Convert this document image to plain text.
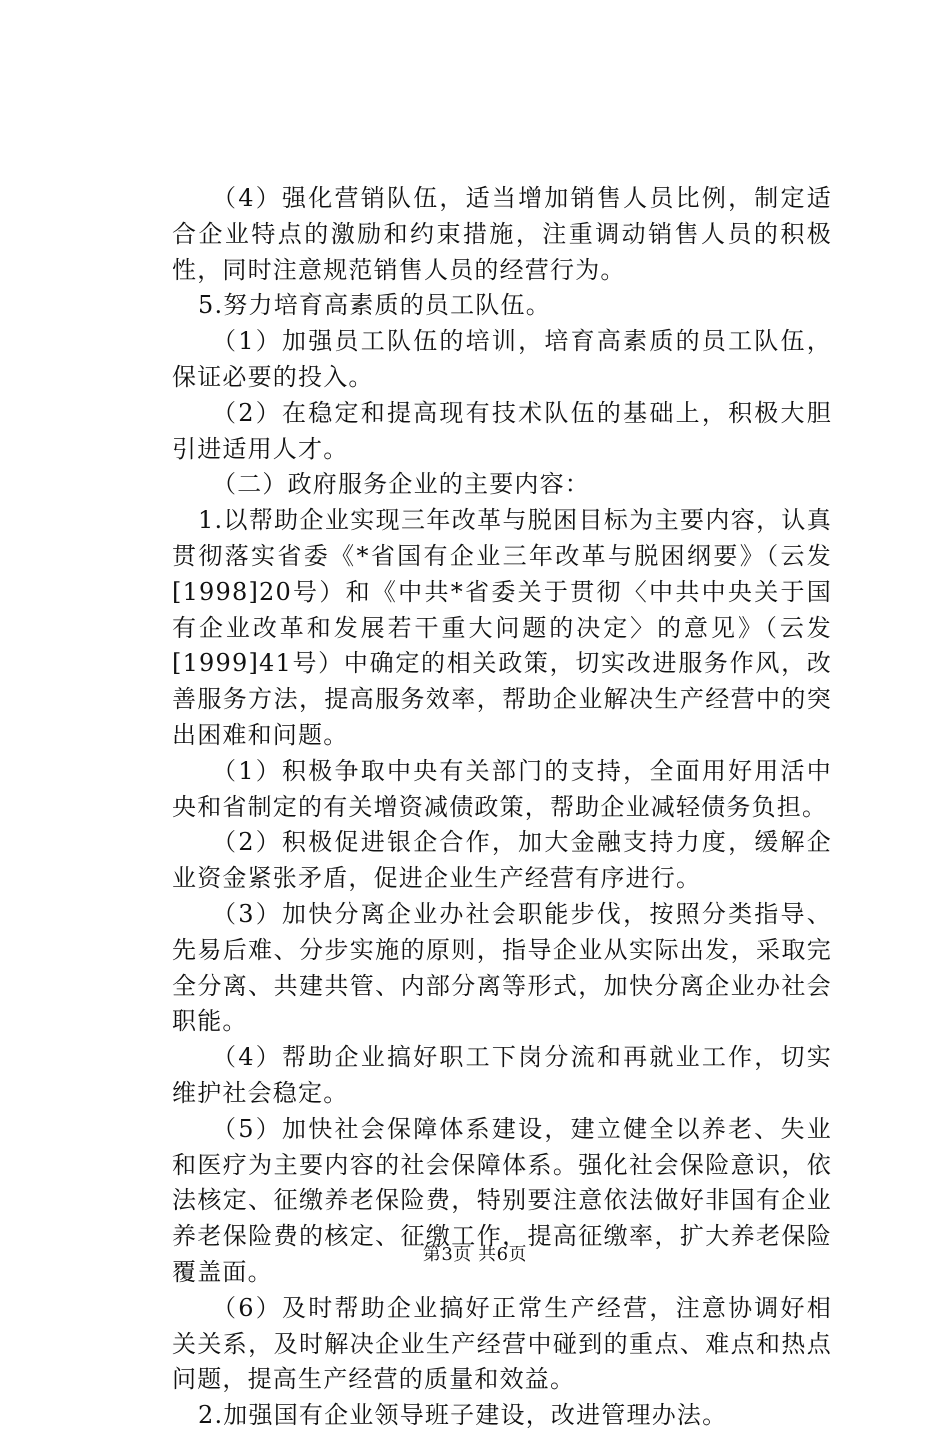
（4）强化营销队伍，适当增加销售人员比例，制定适合企业特点的激励和约束措施，注重调动销售人员的积极性，同时注意规范销售人员的经营行为。

5.努力培育高素质的员工队伍。

（1）加强员工队伍的培训，培育高素质的员工队伍，保证必要的投入。

（2）在稳定和提高现有技术队伍的基础上，积极大胆引进适用人才。

（二）政府服务企业的主要内容：

1.以帮助企业实现三年改革与脱困目标为主要内容，认真贯彻落实省委《*省国有企业三年改革与脱困纲要》（云发[1998]20号）和《中共*省委关于贯彻〈中共中央关于国有企业改革和发展若干重大问题的决定〉的意见》（云发[1999]41号）中确定的相关政策，切实改进服务作风，改善服务方法，提高服务效率，帮助企业解决生产经营中的突出困难和问题。

（1）积极争取中央有关部门的支持，全面用好用活中央和省制定的有关增资减债政策，帮助企业减轻债务负担。

（2）积极促进银企合作，加大金融支持力度，缓解企业资金紧张矛盾，促进企业生产经营有序进行。

（3）加快分离企业办社会职能步伐，按照分类指导、先易后难、分步实施的原则，指导企业从实际出发，采取完全分离、共建共管、内部分离等形式，加快分离企业办社会职能。

（4）帮助企业搞好职工下岗分流和再就业工作，切实维护社会稳定。

（5）加快社会保障体系建设，建立健全以养老、失业和医疗为主要内容的社会保障体系。强化社会保险意识，依法核定、征缴养老保险费，特别要注意依法做好非国有企业养老保险费的核定、征缴工作，提高征缴率，扩大养老保险覆盖面。

（6）及时帮助企业搞好正常生产经营，注意协调好相关关系，及时解决企业生产经营中碰到的重点、难点和热点问题，提高生产经营的质量和效益。

2.加强国有企业领导班子建设，改进管理办法。

第3页 共6页
